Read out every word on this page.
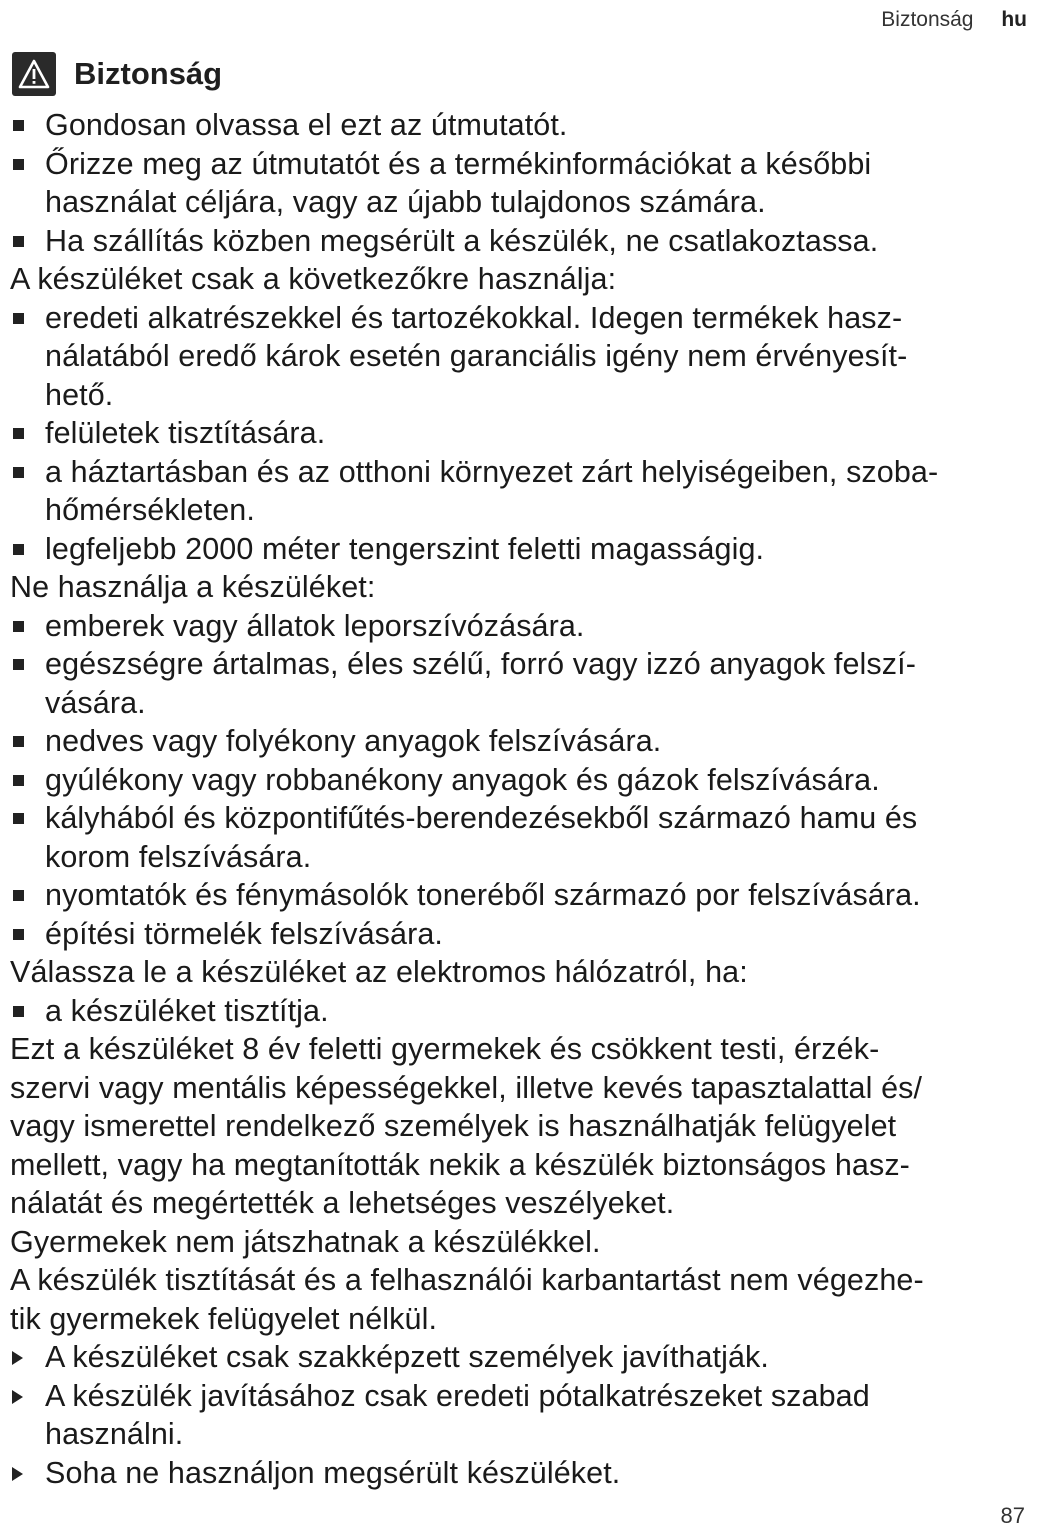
Biztonság hu
Biztonság
Gondosan olvassa el ezt az útmutatót.
Őrizze meg az útmutatót és a termékinformációkat a későbbi
használat céljára, vagy az újabb tulajdonos számára.
Ha szállítás közben megsérült a készülék, ne csatlakoztassa.
A készüléket csak a következőkre használja:
eredeti alkatrészekkel és tartozékokkal. Idegen termékek hasz-
nálatából eredő károk esetén garanciális igény nem érvényesít-
hető.
felületek tisztítására.
a háztartásban és az otthoni környezet zárt helyiségeiben, szoba-
hőmérsékleten.
legfeljebb 2000 méter tengerszint feletti magasságig.
Ne használja a készüléket:
emberek vagy állatok leporszívózására.
egészségre ártalmas, éles szélű, forró vagy izzó anyagok felszí-
vására.
nedves vagy folyékony anyagok felszívására.
gyúlékony vagy robbanékony anyagok és gázok felszívására.
kályhából és központifűtés-berendezésekből származó hamu és
korom felszívására.
nyomtatók és fénymásolók toneréből származó por felszívására.
építési törmelék felszívására.
Válassza le a készüléket az elektromos hálózatról, ha:
a készüléket tisztítja.
Ezt a készüléket 8 év feletti gyermekek és csökkent testi, érzék-
szervi vagy mentális képességekkel, illetve kevés tapasztalattal és/
vagy ismerettel rendelkező személyek is használhatják felügyelet
mellett, vagy ha megtanították nekik a készülék biztonságos hasz-
nálatát és megértették a lehetséges veszélyeket.
Gyermekek nem játszhatnak a készülékkel.
A készülék tisztítását és a felhasználói karbantartást nem végezhe-
tik gyermekek felügyelet nélkül.
A készüléket csak szakképzett személyek javíthatják.
A készülék javításához csak eredeti pótalkatrészeket szabad
használni.
Soha ne használjon megsérült készüléket.
87
